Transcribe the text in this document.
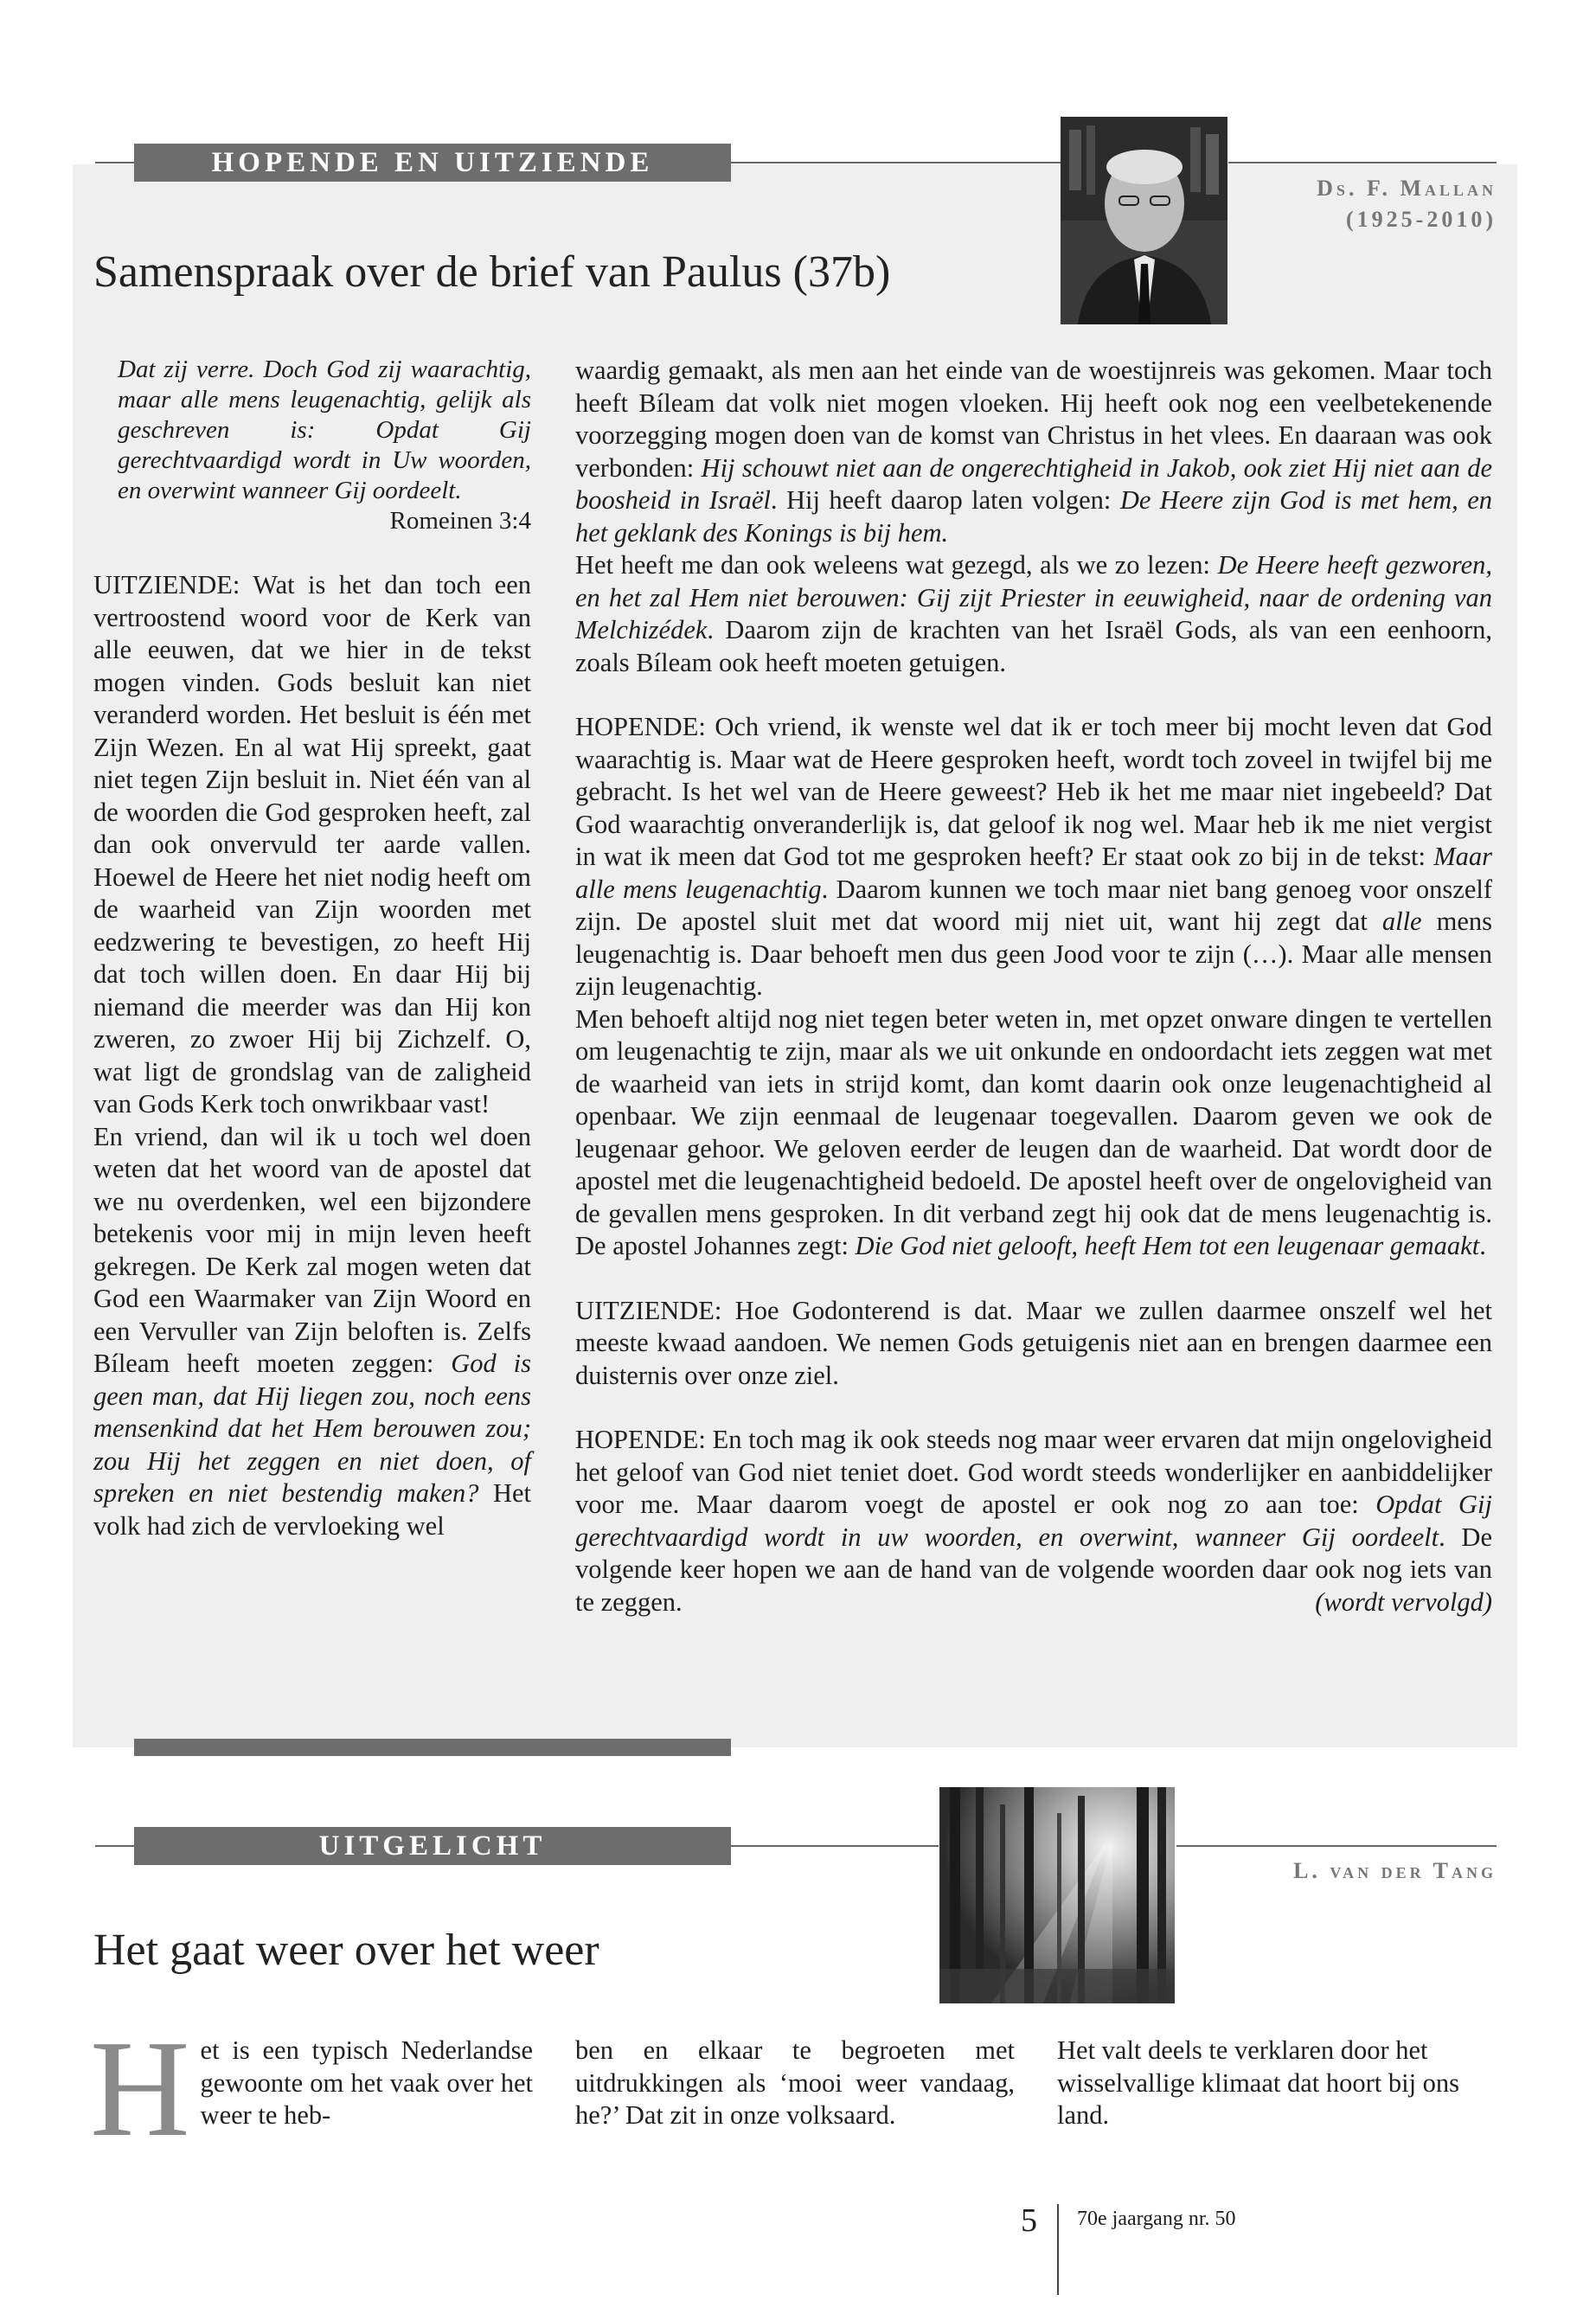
HOPENDE EN UITZIENDE
Samenspraak over de brief van Paulus (37b)
Ds. F. Mallan
(1925-2010)

Dat zij verre. Doch God zij waarachtig, maar alle mens leugenachtig, gelijk als geschreven is: Opdat Gij gerechtvaardigd wordt in Uw woorden, en overwint wanneer Gij oordeelt.

Romeinen 3:4

UITZIENDE: Wat is het dan toch een vertroostend woord voor de Kerk van alle eeuwen, dat we hier in de tekst mogen vinden. Gods besluit kan niet veranderd worden. Het besluit is één met Zijn Wezen. En al wat Hij spreekt, gaat niet tegen Zijn besluit in. Niet één van al de woorden die God gesproken heeft, zal dan ook onvervuld ter aarde vallen. Hoewel de Heere het niet nodig heeft om de waarheid van Zijn woorden met eedzwering te bevestigen, zo heeft Hij dat toch willen doen. En daar Hij bij niemand die meerder was dan Hij kon zweren, zo zwoer Hij bij Zichzelf. O, wat ligt de grondslag van de zaligheid van Gods Kerk toch onwrikbaar vast!

En vriend, dan wil ik u toch wel doen weten dat het woord van de apostel dat we nu overdenken, wel een bijzondere betekenis voor mij in mijn leven heeft gekregen. De Kerk zal mogen weten dat God een Waarmaker van Zijn Woord en een Vervuller van Zijn beloften is. Zelfs Bíleam heeft moeten zeggen: God is geen man, dat Hij liegen zou, noch eens mensenkind dat het Hem berouwen zou; zou Hij het zeggen en niet doen, of spreken en niet bestendig maken? Het volk had zich de vervloeking wel

waardig gemaakt, als men aan het einde van de woestijnreis was gekomen. Maar toch heeft Bíleam dat volk niet mogen vloeken. Hij heeft ook nog een veelbetekenende voorzegging mogen doen van de komst van Christus in het vlees. En daaraan was ook verbonden: Hij schouwt niet aan de ongerechtigheid in Jakob, ook ziet Hij niet aan de boosheid in Israël. Hij heeft daarop laten volgen: De Heere zijn God is met hem, en het geklank des Konings is bij hem.

Het heeft me dan ook weleens wat gezegd, als we zo lezen: De Heere heeft gezworen, en het zal Hem niet berouwen: Gij zijt Priester in eeuwigheid, naar de ordening van Melchizédek. Daarom zijn de krachten van het Israël Gods, als van een eenhoorn, zoals Bíleam ook heeft moeten getuigen.

HOPENDE: Och vriend, ik wenste wel dat ik er toch meer bij mocht leven dat God waarachtig is. Maar wat de Heere gesproken heeft, wordt toch zoveel in twijfel bij me gebracht. Is het wel van de Heere geweest? Heb ik het me maar niet ingebeeld? Dat God waarachtig onveranderlijk is, dat geloof ik nog wel. Maar heb ik me niet vergist in wat ik meen dat God tot me gesproken heeft? Er staat ook zo bij in de tekst: Maar alle mens leugenachtig. Daarom kunnen we toch maar niet bang genoeg voor onszelf zijn. De apostel sluit met dat woord mij niet uit, want hij zegt dat alle mens leugenachtig is. Daar behoeft men dus geen Jood voor te zijn (…). Maar alle mensen zijn leugenachtig.

Men behoeft altijd nog niet tegen beter weten in, met opzet onware dingen te vertellen om leugenachtig te zijn, maar als we uit onkunde en ondoordacht iets zeggen wat met de waarheid van iets in strijd komt, dan komt daarin ook onze leugenachtigheid al openbaar. We zijn eenmaal de leugenaar toegevallen. Daarom geven we ook de leugenaar gehoor. We geloven eerder de leugen dan de waarheid. Dat wordt door de apostel met die leugenachtigheid bedoeld. De apostel heeft over de ongelovigheid van de gevallen mens gesproken. In dit verband zegt hij ook dat de mens leugenachtig is. De apostel Johannes zegt: Die God niet gelooft, heeft Hem tot een leugenaar gemaakt.

UITZIENDE: Hoe Godonterend is dat. Maar we zullen daarmee onszelf wel het meeste kwaad aandoen. We nemen Gods getuigenis niet aan en brengen daarmee een duisternis over onze ziel.

HOPENDE: En toch mag ik ook steeds nog maar weer ervaren dat mijn ongelovigheid het geloof van God niet teniet doet. God wordt steeds wonderlijker en aanbiddelijker voor me. Maar daarom voegt de apostel er ook nog zo aan toe: Opdat Gij gerechtvaardigd wordt in uw woorden, en overwint, wanneer Gij oordeelt. De volgende keer hopen we aan de hand van de volgende woorden daar ook nog iets van te zeggen.	(wordt vervolgd)

UITGELICHT
L. van der Tang
Het gaat weer over het weer
H et is een typisch Nederlandse gewoonte om het vaak over het weer te heb-
ben en elkaar te begroeten met uitdrukkingen als ‘mooi weer vandaag, he?’ Dat zit in onze volksaard.
Het valt deels te verklaren door het wisselvallige klimaat dat hoort bij ons land.
5 70e jaargang nr. 50
